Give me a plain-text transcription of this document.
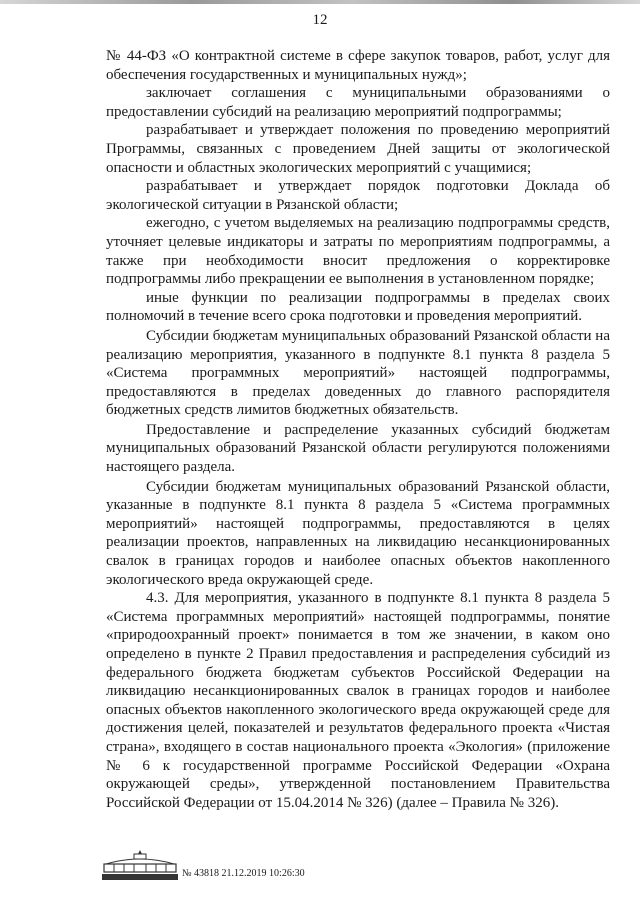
12

№ 44-ФЗ «О контрактной системе в сфере закупок товаров, работ, услуг для обеспечения государственных и муниципальных нужд»;

заключает соглашения с муниципальными образованиями о предоставлении субсидий на реализацию мероприятий подпрограммы;

разрабатывает и утверждает положения по проведению мероприятий Программы, связанных с проведением Дней защиты от экологической опасности и областных экологических мероприятий с учащимися;

разрабатывает и утверждает порядок подготовки Доклада об экологической ситуации в Рязанской области;

ежегодно, с учетом выделяемых на реализацию подпрограммы средств, уточняет целевые индикаторы и затраты по мероприятиям подпрограммы, а также при необходимости вносит предложения о корректировке подпрограммы либо прекращении ее выполнения в установленном порядке;

иные функции по реализации подпрограммы в пределах своих полномочий в течение всего срока подготовки и проведения мероприятий.

Субсидии бюджетам муниципальных образований Рязанской области на реализацию мероприятия, указанного в подпункте 8.1 пункта 8 раздела 5 «Система программных мероприятий» настоящей подпрограммы, предоставляются в пределах доведенных до главного распорядителя бюджетных средств лимитов бюджетных обязательств.

Предоставление и распределение указанных субсидий бюджетам муниципальных образований Рязанской области регулируются положениями настоящего раздела.

Субсидии бюджетам муниципальных образований Рязанской области, указанные в подпункте 8.1 пункта 8 раздела 5 «Система программных мероприятий» настоящей подпрограммы, предоставляются в целях реализации проектов, направленных на ликвидацию несанкционированных свалок в границах городов и наиболее опасных объектов накопленного экологического вреда окружающей среде.

4.3. Для мероприятия, указанного в подпункте 8.1 пункта 8 раздела 5 «Система программных мероприятий» настоящей подпрограммы, понятие «природоохранный проект» понимается в том же значении, в каком оно определено в пункте 2 Правил предоставления и распределения субсидий из федерального бюджета бюджетам субъектов Российской Федерации на ликвидацию несанкционированных свалок в границах городов и наиболее опасных объектов накопленного экологического вреда окружающей среде для достижения целей, показателей и результатов федерального проекта «Чистая страна», входящего в состав национального проекта «Экология» (приложение № 6 к государственной программе Российской Федерации «Охрана окружающей среды», утвержденной постановлением Правительства Российской Федерации от 15.04.2014 № 326) (далее – Правила № 326).

№ 43818 21.12.2019 10:26:30
